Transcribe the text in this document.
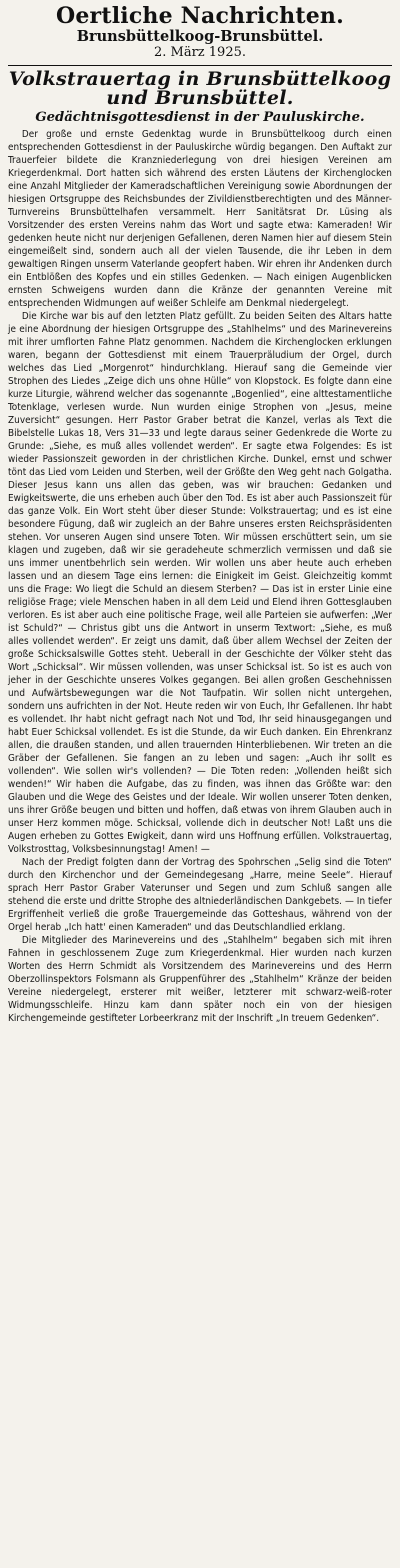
Oertliche Nachrichten.
Brunsbüttelkoog-Brunsbüttel.
2. März 1925.
Volkstrauertag in Brunsbüttelkoog
und Brunsbüttel.
Gedächtnisgottesdienst in der Pauluskirche.

Der große und ernste Gedenktag wurde in Brunsbüttelkoog durch einen entsprechenden Gottesdienst in der Pauluskirche würdig begangen. Den Auftakt zur Trauerfeier bildete die Kranzniederlegung von drei hiesigen Vereinen am Kriegerdenkmal. Dort hatten sich während des ersten Läutens der Kirchenglocken eine Anzahl Mitglieder der Kameradschaftlichen Vereinigung sowie Abordnungen der hiesigen Ortsgruppe des Reichsbundes der Zivildienstberechtigten und des Männer-Turnvereins Brunsbüttelhafen versammelt. Herr Sanitätsrat Dr. Lüsing als Vorsitzender des ersten Vereins nahm das Wort und sagte etwa: Kameraden! Wir gedenken heute nicht nur derjenigen Gefallenen, deren Namen hier auf diesem Stein eingemeißelt sind, sondern auch all der vielen Tausende, die ihr Leben in dem gewaltigen Ringen unserm Vaterlande geopfert haben. Wir ehren ihr Andenken durch ein Entblößen des Kopfes und ein stilles Gedenken. — Nach einigen Augenblicken ernsten Schweigens wurden dann die Kränze der genannten Vereine mit entsprechenden Widmungen auf weißer Schleife am Denkmal niedergelegt.

Die Kirche war bis auf den letzten Platz gefüllt. Zu beiden Seiten des Altars hatte je eine Abordnung der hiesigen Ortsgruppe des „Stahlhelms“ und des Marinevereins mit ihrer umflorten Fahne Platz genommen. Nachdem die Kirchenglocken erklungen waren, begann der Gottesdienst mit einem Trauerpräludium der Orgel, durch welches das Lied „Morgenrot“ hindurchklang. Hierauf sang die Gemeinde vier Strophen des Liedes „Zeige dich uns ohne Hülle“ von Klopstock. Es folgte dann eine kurze Liturgie, während welcher das sogenannte „Bogenlied“, eine alttestamentliche Totenklage, verlesen wurde. Nun wurden einige Strophen von „Jesus, meine Zuversicht“ gesungen. Herr Pastor Graber betrat die Kanzel, verlas als Text die Bibelstelle Lukas 18, Vers 31—33 und legte daraus seiner Gedenkrede die Worte zu Grunde: „Siehe, es muß alles vollendet werden“. Er sagte etwa Folgendes: Es ist wieder Passionszeit geworden in der christlichen Kirche. Dunkel, ernst und schwer tönt das Lied vom Leiden und Sterben, weil der Größte den Weg geht nach Golgatha. Dieser Jesus kann uns allen das geben, was wir brauchen: Gedanken und Ewigkeitswerte, die uns erheben auch über den Tod. Es ist aber auch Passionszeit für das ganze Volk. Ein Wort steht über dieser Stunde: Volkstrauertag; und es ist eine besondere Fügung, daß wir zugleich an der Bahre unseres ersten Reichspräsidenten stehen. Vor unseren Augen sind unsere Toten. Wir müssen erschüttert sein, um sie klagen und zugeben, daß wir sie geradeheute schmerzlich vermissen und daß sie uns immer unentbehrlich sein werden. Wir wollen uns aber heute auch erheben lassen und an diesem Tage eins lernen: die Einigkeit im Geist. Gleichzeitig kommt uns die Frage: Wo liegt die Schuld an diesem Sterben? — Das ist in erster Linie eine religiöse Frage; viele Menschen haben in all dem Leid und Elend ihren Gottesglauben verloren. Es ist aber auch eine politische Frage, weil alle Parteien sie aufwerfen: „Wer ist Schuld?“ — Christus gibt uns die Antwort in unserm Textwort: „Siehe, es muß alles vollendet werden“. Er zeigt uns damit, daß über allem Wechsel der Zeiten der große Schicksalswille Gottes steht. Ueberall in der Geschichte der Völker steht das Wort „Schicksal“. Wir müssen vollenden, was unser Schicksal ist. So ist es auch von jeher in der Geschichte unseres Volkes gegangen. Bei allen großen Geschehnissen und Aufwärtsbewegungen war die Not Taufpatin. Wir sollen nicht untergehen, sondern uns aufrichten in der Not. Heute reden wir von Euch, Ihr Gefallenen. Ihr habt es vollendet. Ihr habt nicht gefragt nach Not und Tod, Ihr seid hinausgegangen und habt Euer Schicksal vollendet. Es ist die Stunde, da wir Euch danken. Ein Ehrenkranz allen, die draußen standen, und allen trauernden Hinterbliebenen. Wir treten an die Gräber der Gefallenen. Sie fangen an zu leben und sagen: „Auch ihr sollt es vollenden“. Wie sollen wir's vollenden? — Die Toten reden: „Vollenden heißt sich wenden!“ Wir haben die Aufgabe, das zu finden, was ihnen das Größte war: den Glauben und die Wege des Geistes und der Ideale. Wir wollen unserer Toten denken, uns ihrer Größe beugen und bitten und hoffen, daß etwas von ihrem Glauben auch in unser Herz kommen möge. Schicksal, vollende dich in deutscher Not! Laßt uns die Augen erheben zu Gottes Ewigkeit, dann wird uns Hoffnung erfüllen. Volkstrauertag, Volkstrosttag, Volksbesinnungstag! Amen! —

Nach der Predigt folgten dann der Vortrag des Spohrschen „Selig sind die Toten“ durch den Kirchenchor und der Gemeindegesang „Harre, meine Seele“. Hierauf sprach Herr Pastor Graber Vaterunser und Segen und zum Schluß sangen alle stehend die erste und dritte Strophe des altniederländischen Dankgebets. — In tiefer Ergriffenheit verließ die große Trauergemeinde das Gotteshaus, während von der Orgel herab „Ich hatt' einen Kameraden“ und das Deutschlandlied erklang.

Die Mitglieder des Marinevereins und des „Stahlhelm“ begaben sich mit ihren Fahnen in geschlossenem Zuge zum Kriegerdenkmal. Hier wurden nach kurzen Worten des Herrn Schmidt als Vorsitzendem des Marinevereins und des Herrn Oberzollinspektors Folsmann als Gruppenführer des „Stahlhelm“ Kränze der beiden Vereine niedergelegt, ersterer mit weißer, letzterer mit schwarz-weiß-roter Widmungsschleife. Hinzu kam dann später noch ein von der hiesigen Kirchengemeinde gestifteter Lorbeerkranz mit der Inschrift „In treuem Gedenken“.
